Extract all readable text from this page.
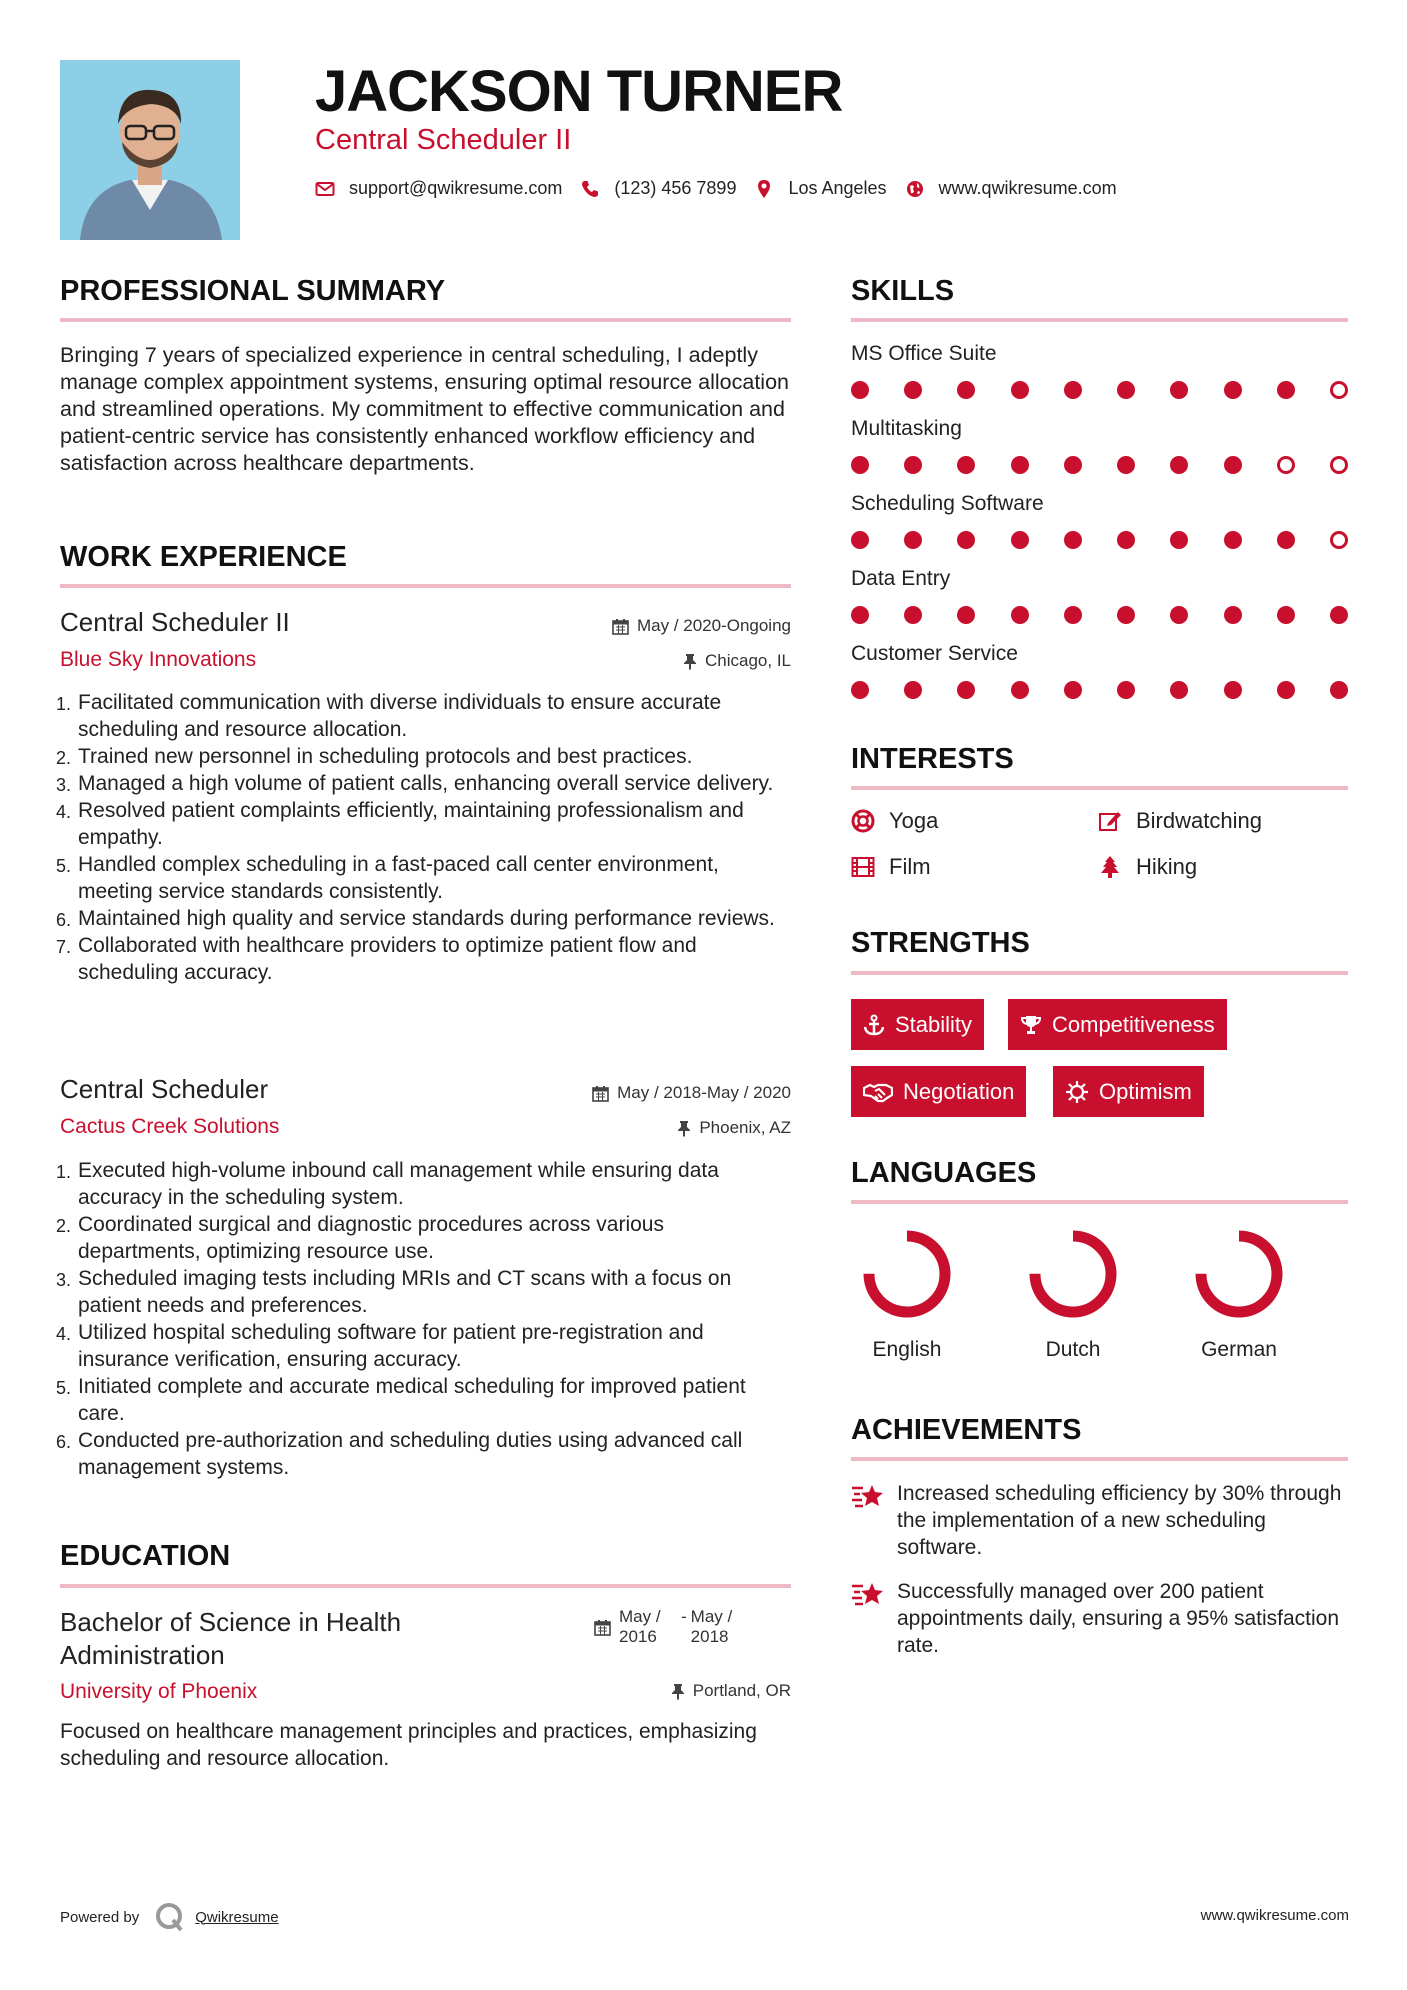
JACKSON TURNER
Central Scheduler II
support@qwikresume.com	(123) 456 7899	Los Angeles	www.qwikresume.com
PROFESSIONAL SUMMARY
Bringing 7 years of specialized experience in central scheduling, I adeptly manage complex appointment systems, ensuring optimal resource allocation and streamlined operations. My commitment to effective communication and patient-centric service has consistently enhanced workflow efficiency and satisfaction across healthcare departments.
WORK EXPERIENCE
Central Scheduler II	May / 2020-Ongoing
Blue Sky Innovations	Chicago, IL
Facilitated communication with diverse individuals to ensure accurate scheduling and resource allocation.
Trained new personnel in scheduling protocols and best practices.
Managed a high volume of patient calls, enhancing overall service delivery.
Resolved patient complaints efficiently, maintaining professionalism and empathy.
Handled complex scheduling in a fast-paced call center environment, meeting service standards consistently.
Maintained high quality and service standards during performance reviews.
Collaborated with healthcare providers to optimize patient flow and scheduling accuracy.
Central Scheduler	May / 2018-May / 2020
Cactus Creek Solutions	Phoenix, AZ
Executed high-volume inbound call management while ensuring data accuracy in the scheduling system.
Coordinated surgical and diagnostic procedures across various departments, optimizing resource use.
Scheduled imaging tests including MRIs and CT scans with a focus on patient needs and preferences.
Utilized hospital scheduling software for patient pre-registration and insurance verification, ensuring accuracy.
Initiated complete and accurate medical scheduling for improved patient care.
Conducted pre-authorization and scheduling duties using advanced call management systems.
EDUCATION
Bachelor of Science in Health Administration
May / 2016
- May / 2018
University of Phoenix	Portland, OR
Focused on healthcare management principles and practices, emphasizing scheduling and resource allocation.
SKILLS
MS Office Suite
Multitasking
Scheduling Software
Data Entry
Customer Service
INTERESTS
Yoga	Birdwatching
Film	Hiking
STRENGTHS
Stability	Competitiveness
Negotiation	Optimism
LANGUAGES
English	Dutch	German
ACHIEVEMENTS
Increased scheduling efficiency by 30% through the implementation of a new scheduling software.
Successfully managed over 200 patient appointments daily, ensuring a 95% satisfaction rate.
Powered by	Qwikresume	www.qwikresume.com
